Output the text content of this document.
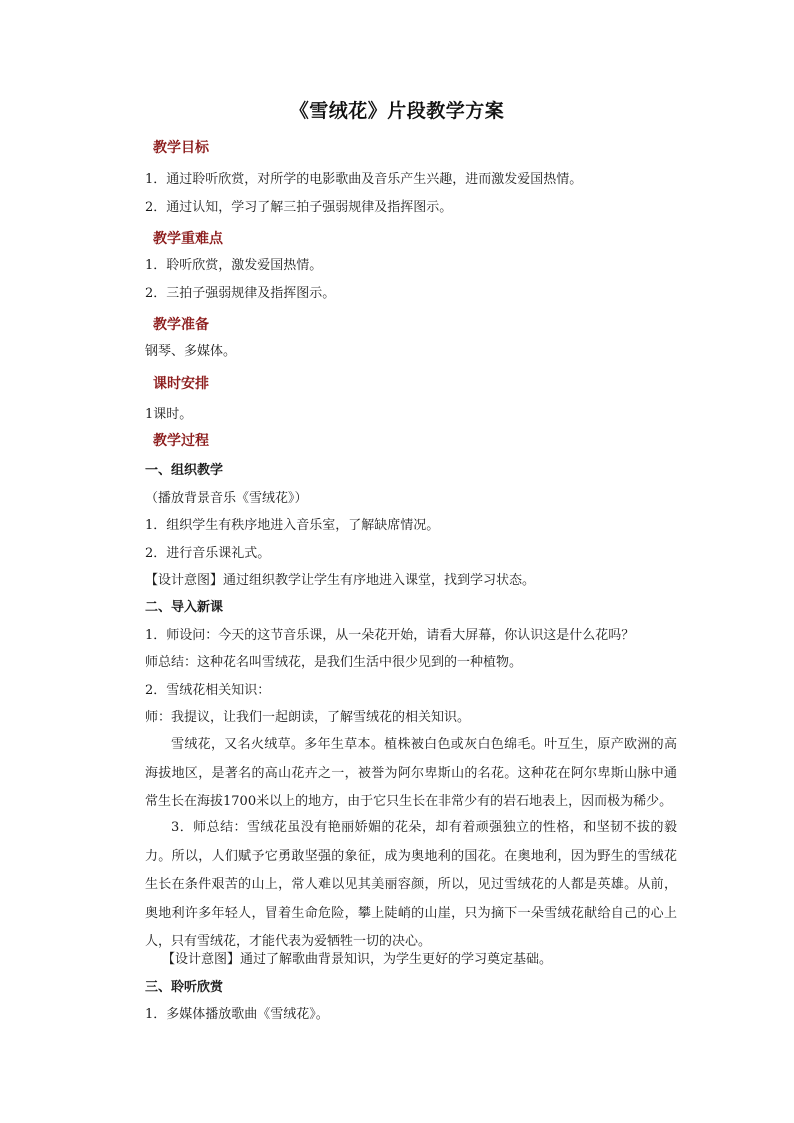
《雪绒花》片段教学方案
教学目标
1．通过聆听欣赏，对所学的电影歌曲及音乐产生兴趣，进而激发爱国热情。
2．通过认知，学习了解三拍子强弱规律及指挥图示。
教学重难点
1．聆听欣赏，激发爱国热情。
2．三拍子强弱规律及指挥图示。
教学准备
钢琴、多媒体。
课时安排
1课时。
教学过程
一、组织教学
（播放背景音乐《雪绒花》）
1．组织学生有秩序地进入音乐室，了解缺席情况。
2．进行音乐课礼式。
【设计意图】通过组织教学让学生有序地进入课堂，找到学习状态。
二、导入新课
1．师设问：今天的这节音乐课，从一朵花开始，请看大屏幕，你认识这是什么花吗？
师总结：这种花名叫雪绒花，是我们生活中很少见到的一种植物。
2．雪绒花相关知识：
师：我提议，让我们一起朗读，了解雪绒花的相关知识。
雪绒花，又名火绒草。多年生草本。植株被白色或灰白色绵毛。叶互生，原产欧洲的高海拔地区，是著名的高山花卉之一，被誉为阿尔卑斯山的名花。这种花在阿尔卑斯山脉中通常生长在海拔1700米以上的地方，由于它只生长在非常少有的岩石地表上，因而极为稀少。
3．师总结：雪绒花虽没有艳丽娇媚的花朵，却有着顽强独立的性格，和坚韧不拔的毅力。所以，人们赋予它勇敢坚强的象征，成为奥地利的国花。在奥地利，因为野生的雪绒花生长在条件艰苦的山上，常人难以见其美丽容颜，所以，见过雪绒花的人都是英雄。从前，奥地利许多年轻人，冒着生命危险，攀上陡峭的山崖，只为摘下一朵雪绒花献给自己的心上人，只有雪绒花，才能代表为爱牺牲一切的决心。
【设计意图】通过了解歌曲背景知识，为学生更好的学习奠定基础。
三、聆听欣赏
1．多媒体播放歌曲《雪绒花》。
